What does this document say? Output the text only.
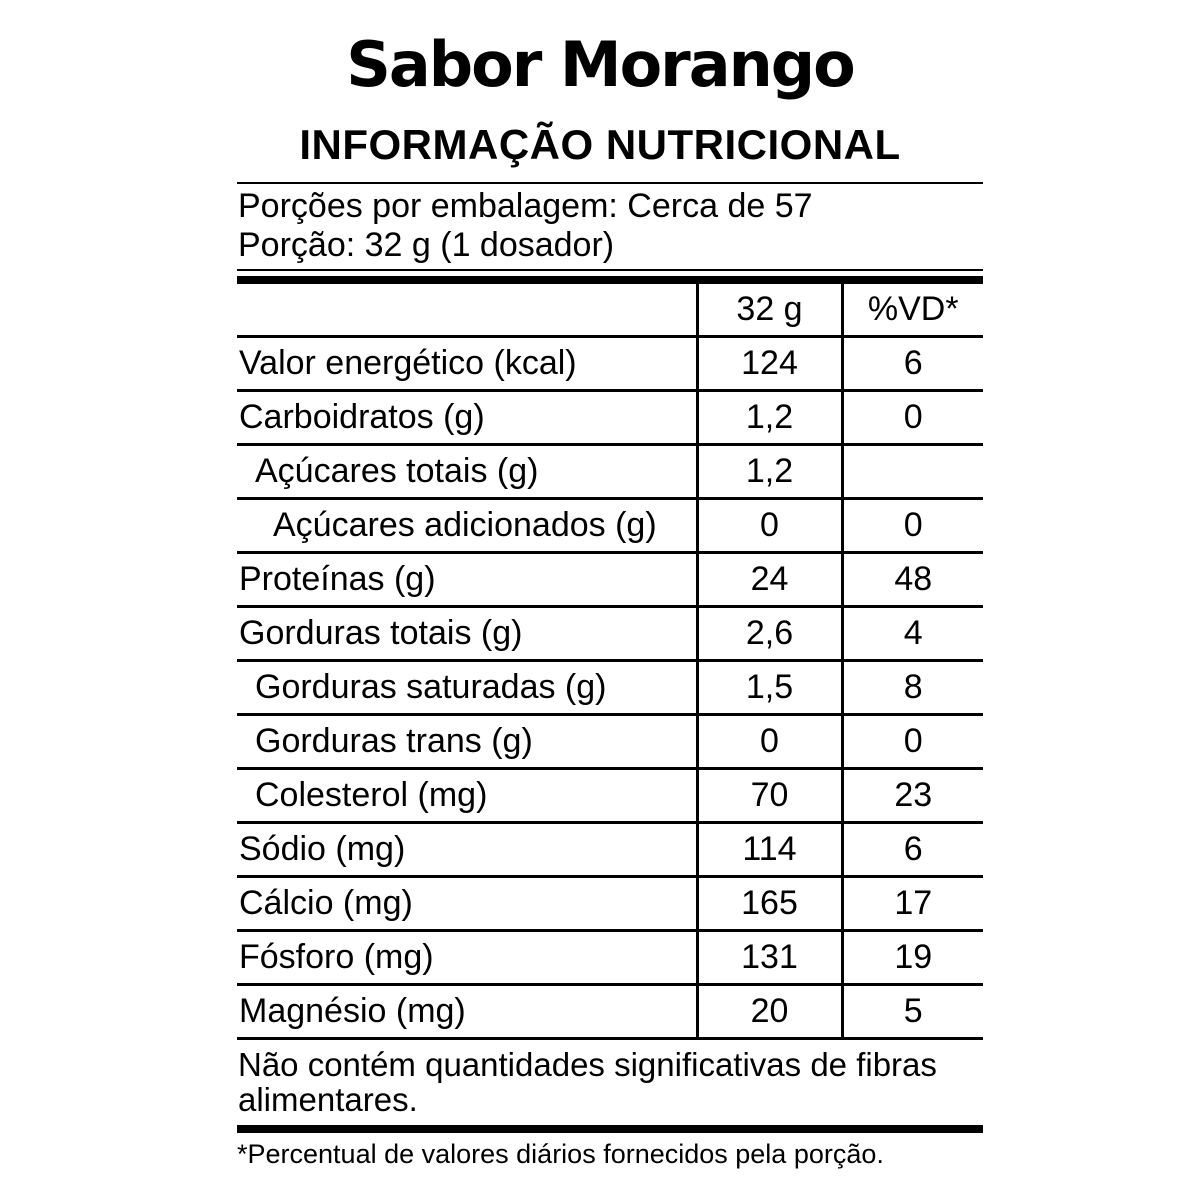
Sabor Morango
INFORMAÇÃO NUTRICIONAL
Porções por embalagem: Cerca de 57
Porção: 32 g (1 dosador)
	32 g	%VD*
Valor energético (kcal)	124	6
Carboidratos (g)	1,2	0
Açúcares totais (g)	1,2	
Açúcares adicionados (g)	0	0
Proteínas (g)	24	48
Gorduras totais (g)	2,6	4
Gorduras saturadas (g)	1,5	8
Gorduras trans (g)	0	0
Colesterol (mg)	70	23
Sódio (mg)	114	6
Cálcio (mg)	165	17
Fósforo (mg)	131	19
Magnésio (mg)	20	5
Não contém quantidades significativas de fibras alimentares.
*Percentual de valores diários fornecidos pela porção.
